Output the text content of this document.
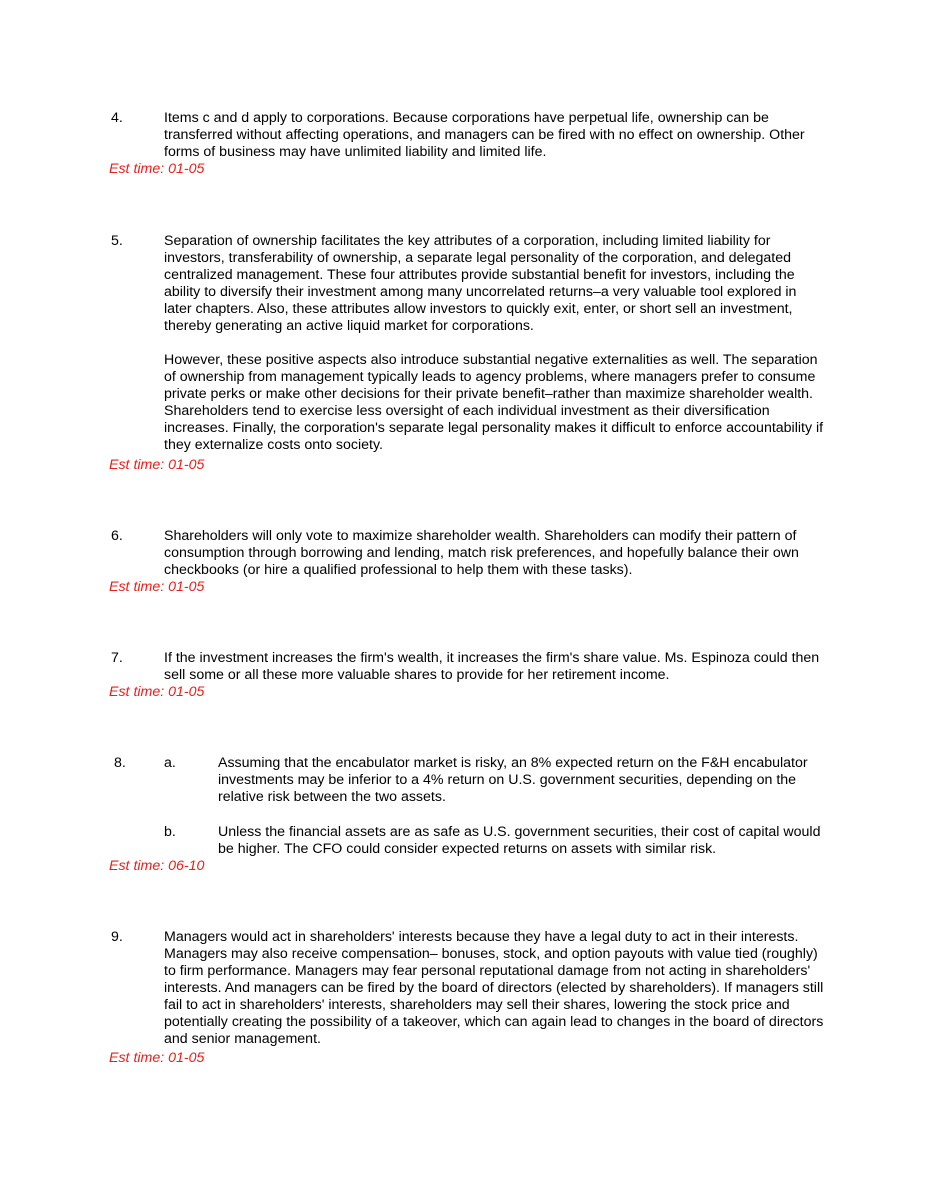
4.	Items c and d apply to corporations. Because corporations have perpetual life, ownership can be transferred without affecting operations, and managers can be fired with no effect on ownership. Other forms of business may have unlimited liability and limited life.

Est time: 01-05
5.	Separation of ownership facilitates the key attributes of a corporation, including limited liability for investors, transferability of ownership, a separate legal personality of the corporation, and delegated centralized management. These four attributes provide substantial benefit for investors, including the ability to diversify their investment among many uncorrelated returns–a very valuable tool explored in later chapters. Also, these attributes allow investors to quickly exit, enter, or short sell an investment, thereby generating an active liquid market for corporations.

However, these positive aspects also introduce substantial negative externalities as well. The separation of ownership from management typically leads to agency problems, where managers prefer to consume private perks or make other decisions for their private benefit–rather than maximize shareholder wealth. Shareholders tend to exercise less oversight of each individual investment as their diversification increases. Finally, the corporation's separate legal personality makes it difficult to enforce accountability if they externalize costs onto society.

Est time: 01-05
6.	Shareholders will only vote to maximize shareholder wealth. Shareholders can modify their pattern of consumption through borrowing and lending, match risk preferences, and hopefully balance their own checkbooks (or hire a qualified professional to help them with these tasks).

Est time: 01-05
7.	If the investment increases the firm's wealth, it increases the firm's share value. Ms. Espinoza could then sell some or all these more valuable shares to provide for her retirement income.

Est time: 01-05
8.	a.	Assuming that the encabulator market is risky, an 8% expected return on the F&H encabulator investments may be inferior to a 4% return on U.S. government securities, depending on the relative risk between the two assets.
b.	Unless the financial assets are as safe as U.S. government securities, their cost of capital would be higher. The CFO could consider expected returns on assets with similar risk.
Est time: 06-10
9.	Managers would act in shareholders' interests because they have a legal duty to act in their interests. Managers may also receive compensation– bonuses, stock, and option payouts with value tied (roughly) to firm performance. Managers may fear personal reputational damage from not acting in shareholders' interests. And managers can be fired by the board of directors (elected by shareholders). If managers still fail to act in shareholders' interests, shareholders may sell their shares, lowering the stock price and potentially creating the possibility of a takeover, which can again lead to changes in the board of directors and senior management.

Est time: 01-05
